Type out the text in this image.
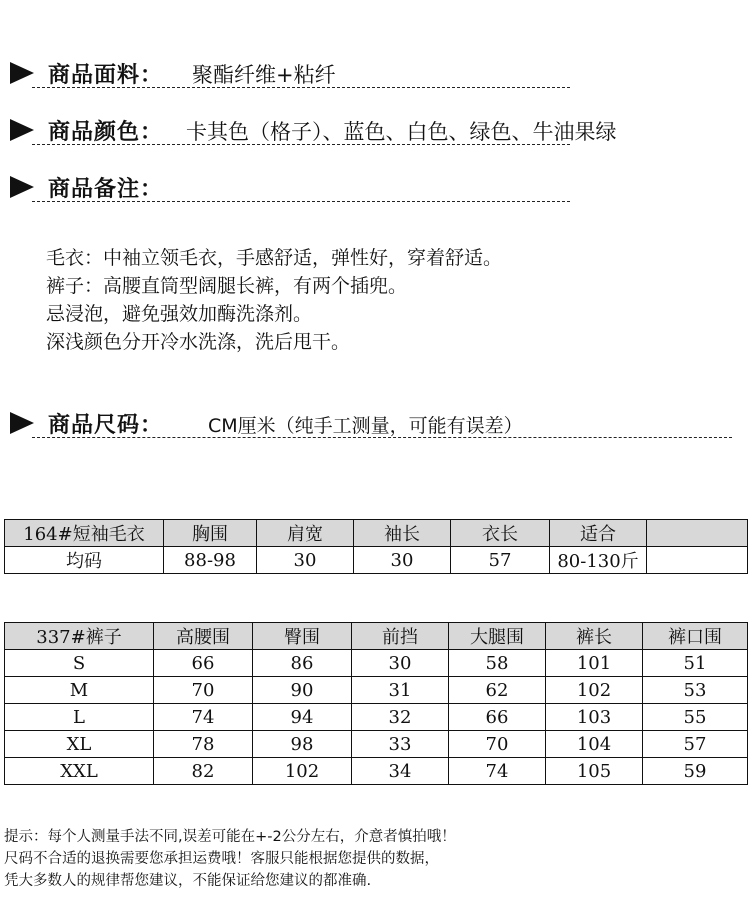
商品面料： 聚酯纤维+粘纤
商品颜色： 卡其色（格子）、蓝色、白色、绿色、牛油果绿
商品备注：
毛衣：中袖立领毛衣，手感舒适，弹性好，穿着舒适。
裤子：高腰直筒型阔腿长裤，有两个插兜。
忌浸泡，避免强效加酶洗涤剂。
深浅颜色分开冷水洗涤，洗后甩干。
商品尺码： CM厘米（纯手工测量，可能有误差）
164#短袖毛衣	胸围	肩宽	袖长	衣长	适合	
均码	88-98	30	30	57	80-130斤	
337#裤子	高腰围	臀围	前挡	大腿围	裤长	裤口围
S	66	86	30	58	101	51
M	70	90	31	62	102	53
L	74	94	32	66	103	55
XL	78	98	33	70	104	57
XXL	82	102	34	74	105	59
提示：每个人测量手法不同,误差可能在+-2公分左右，介意者慎拍哦！
尺码不合适的退换需要您承担运费哦！客服只能根据您提供的数据，
凭大多数人的规律帮您建议，不能保证给您建议的都准确.
